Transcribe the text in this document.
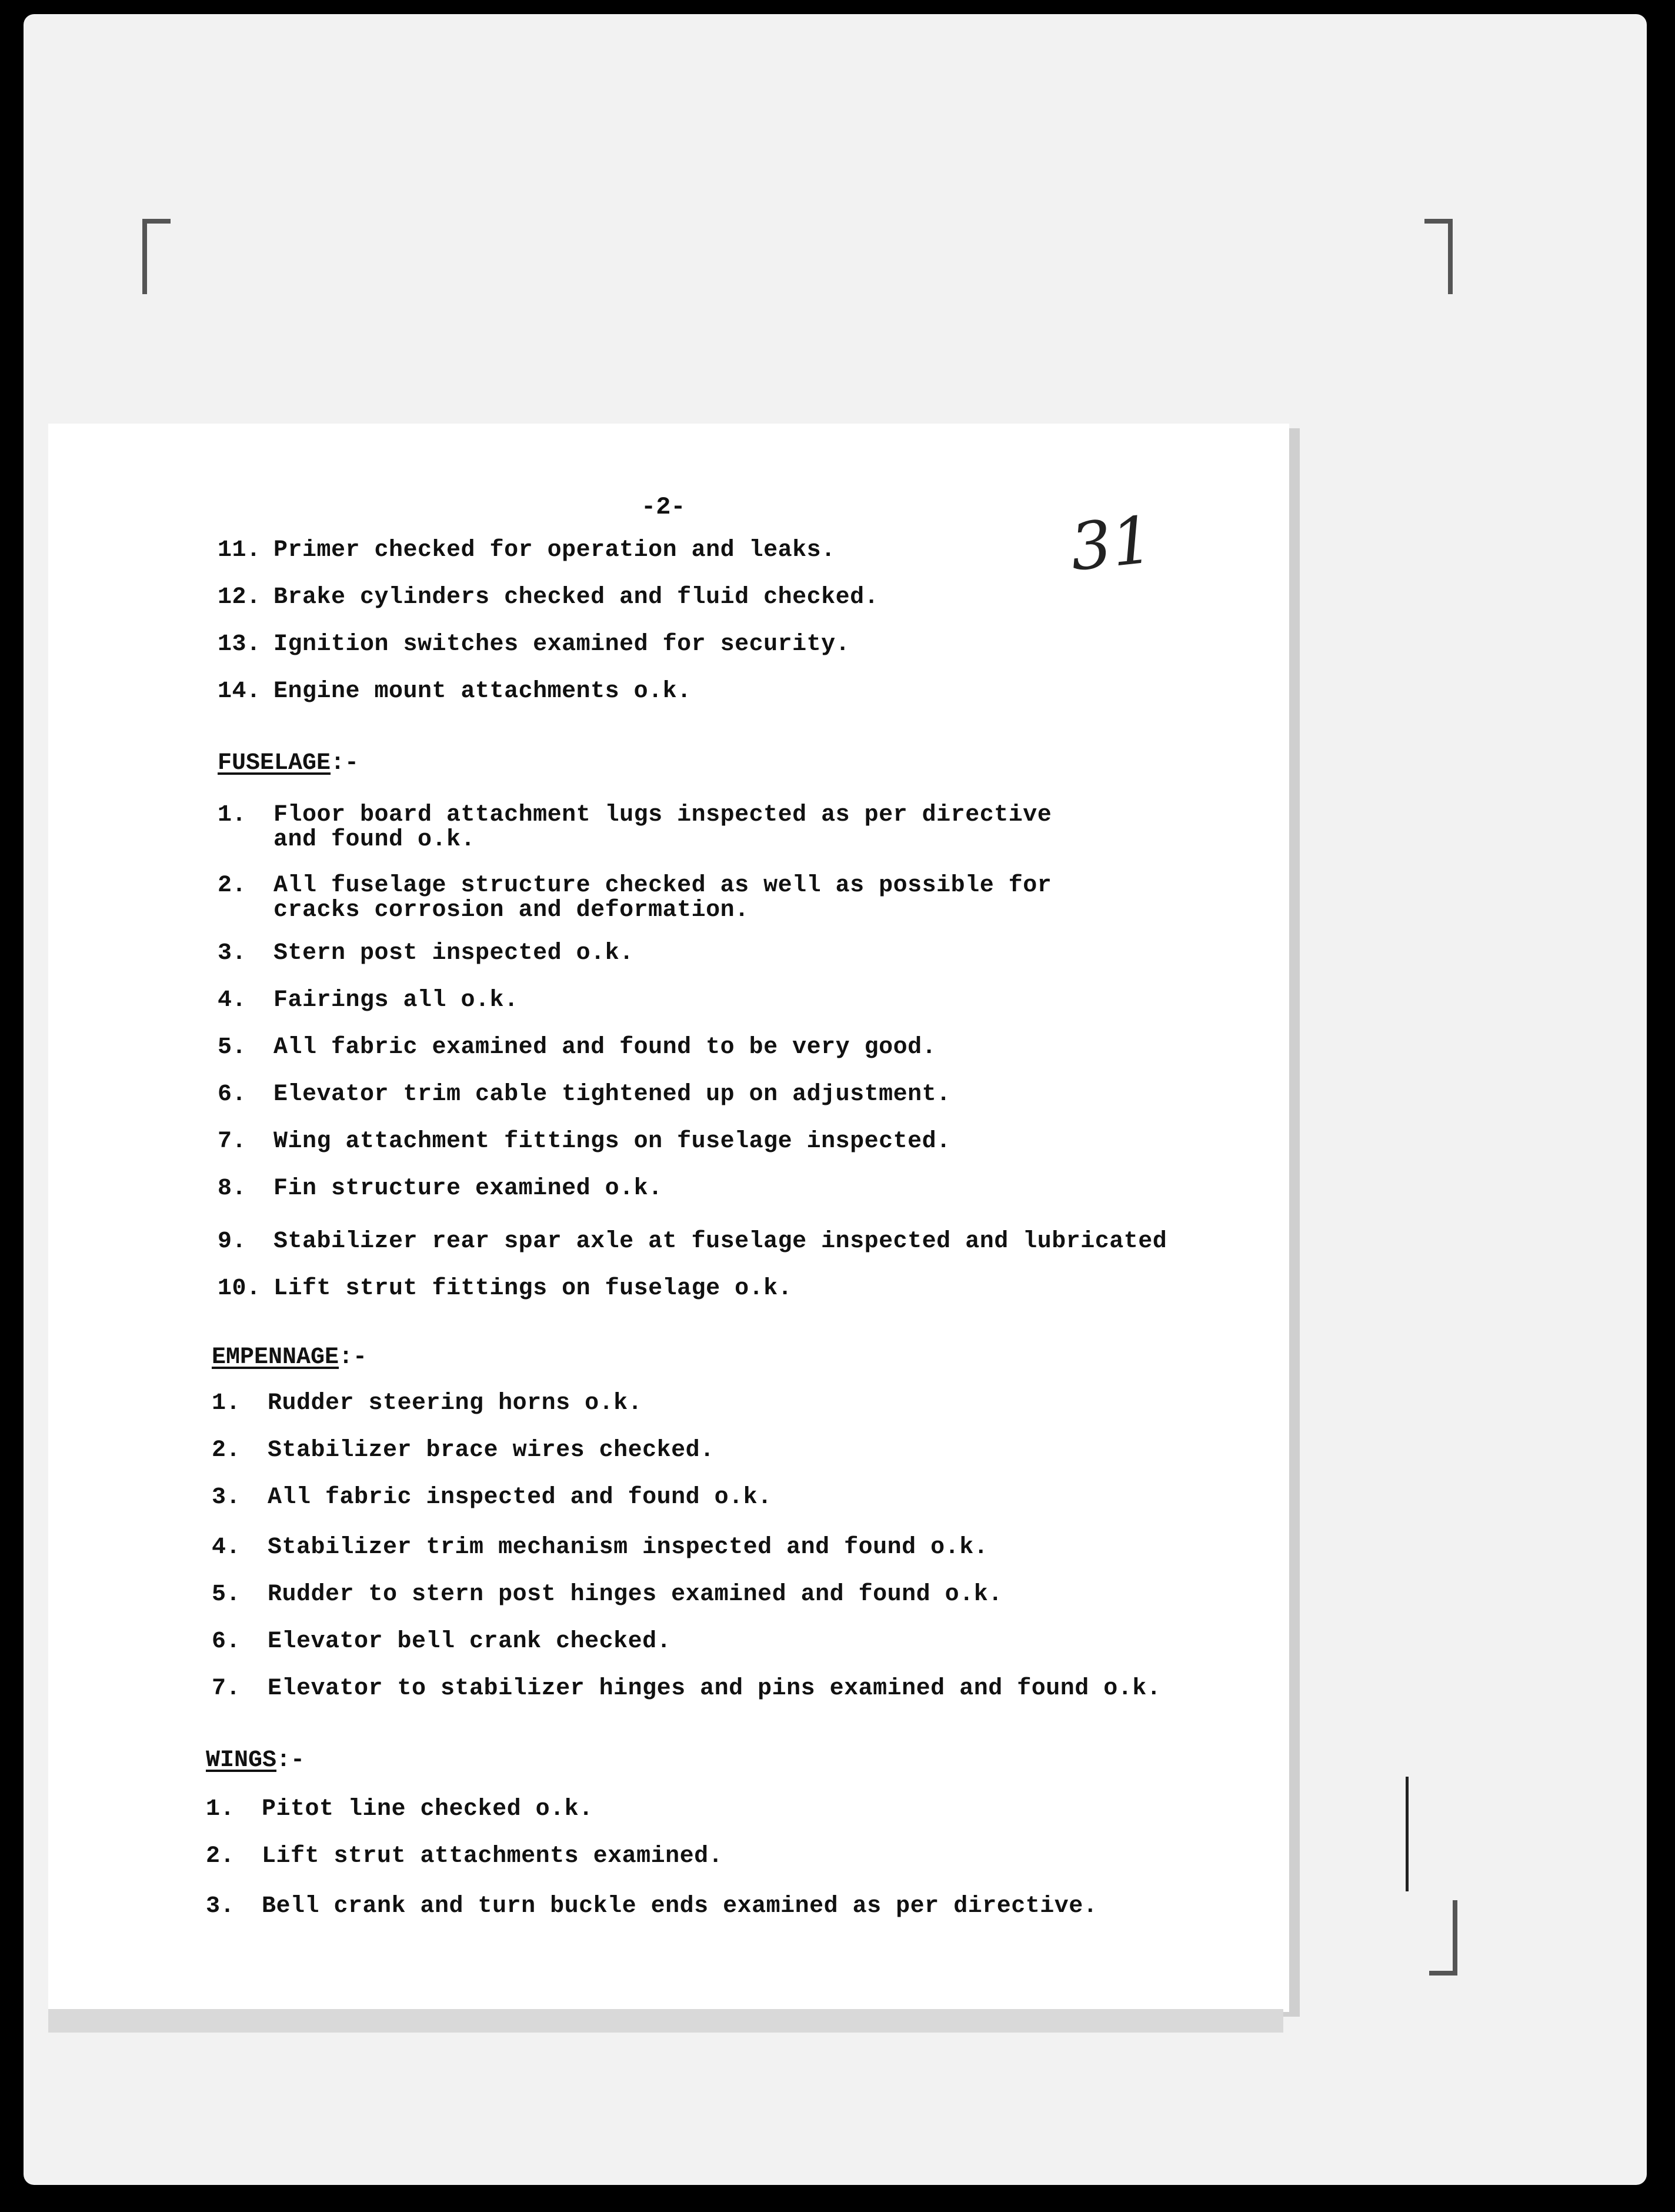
-2-	31
11. Primer checked for operation and leaks.
12. Brake cylinders checked and fluid checked.
13. Ignition switches examined for security.
14. Engine mount attachments o.k.
FUSELAGE:-
1.	Floor board attachment lugs inspected as per directive
and found o.k.
2.	All fuselage structure checked as well as possible for
cracks corrosion and deformation.
3.	Stern post inspected o.k.
4.	Fairings all o.k.
5.	All fabric examined and found to be very good.
6.	Elevator trim cable tightened up on adjustment.
7.	Wing attachment fittings on fuselage inspected.
8.	Fin structure examined o.k.
9.	Stabilizer rear spar axle at fuselage inspected and lubricated
10. Lift strut fittings on fuselage o.k.
EMPENNAGE:-
1.	Rudder steering horns o.k.
2.	Stabilizer brace wires checked.
3.	All fabric inspected and found o.k.
4.	Stabilizer trim mechanism inspected and found o.k.
5.	Rudder to stern post hinges examined and found o.k.
6.	Elevator bell crank checked.
7.	Elevator to stabilizer hinges and pins examined and found o.k.
WINGS:-
1.	Pitot line checked o.k.
2.	Lift strut attachments examined.
3.	Bell crank and turn buckle ends examined as per directive.
